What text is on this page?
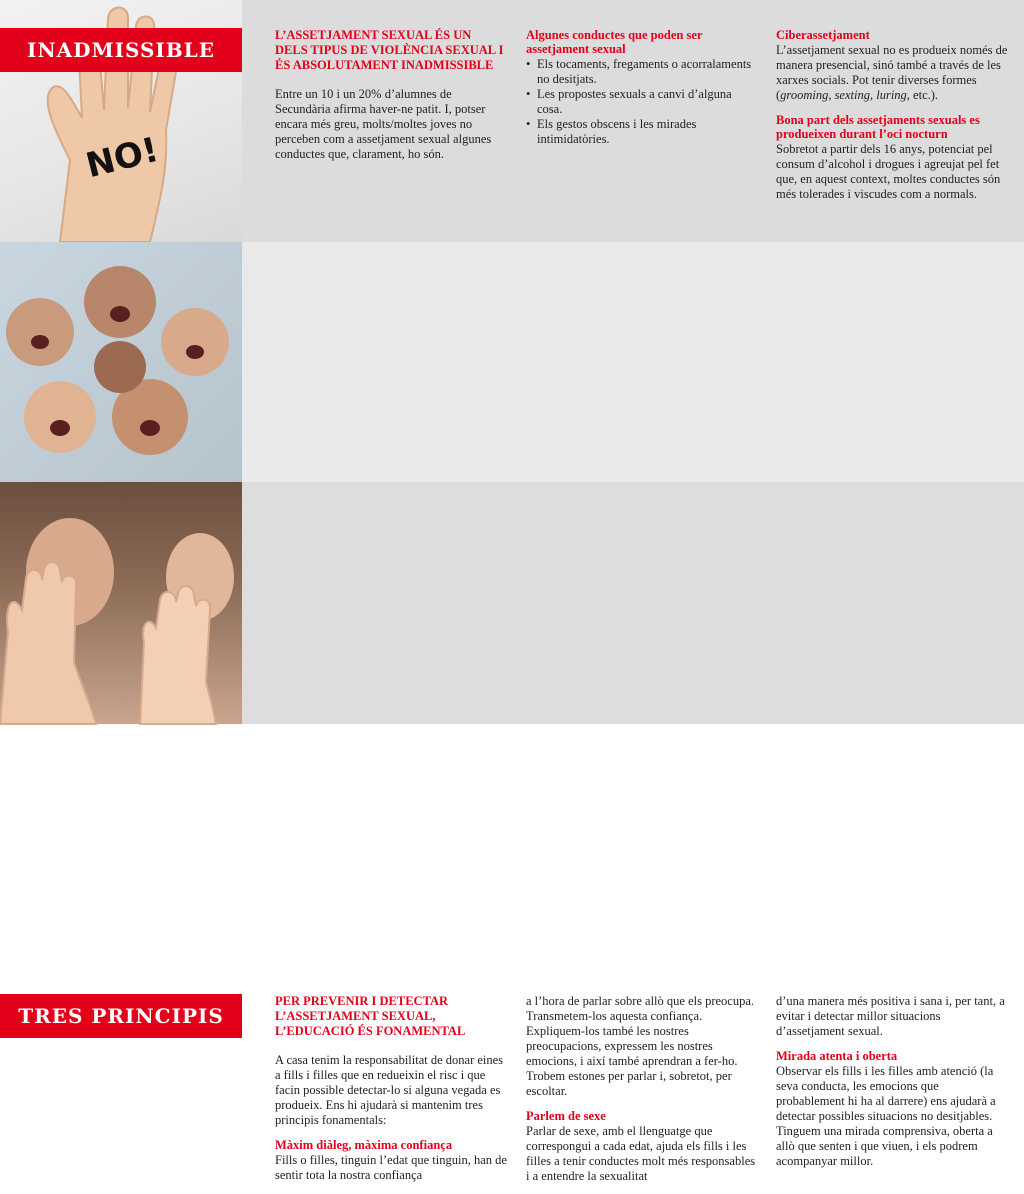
NO!
INADMISSIBLE
L’ASSETJAMENT SEXUAL ÉS UN DELS TIPUS DE VIOLÈNCIA SEXUAL I ÉS ABSOLUTAMENT INADMISSIBLE

Entre un 10 i un 20% d’alumnes de Secundària afirma haver-ne patit. I, potser encara més greu, molts/moltes joves no perceben com a assetjament sexual algunes conductes que, clarament, ho són.

Algunes conductes que poden ser assetjament sexual
• Els tocaments, fregaments o acorralaments no desitjats.
• Les propostes sexuals a canvi d’alguna cosa.
• Els gestos obscens i les mirades intimidatòries.
Ciberassetjament

L’assetjament sexual no es produeix només de manera presencial, sinó també a través de les xarxes socials. Pot tenir diverses formes (grooming, sexting, luring, etc.).

Bona part dels assetjaments sexuals es produeixen durant l’oci nocturn

Sobretot a partir dels 16 anys, potenciat pel consum d’alcohol i drogues i agreujat pel fet que, en aquest context, moltes conductes són més tolerades i viscudes com a normals.

TRES PRINCIPIS
PER PREVENIR I DETECTAR L’ASSETJAMENT SEXUAL, L’EDUCACIÓ ÉS FONAMENTAL

A casa tenim la responsabilitat de donar eines a fills i filles que en redueixin el risc i que facin possible detectar-lo si alguna vegada es produeix. Ens hi ajudarà si mantenim tres principis fonamentals:

Màxim diàleg, màxima confiança

Fills o filles, tinguin l’edat que tinguin, han de sentir tota la nostra confiança

a l’hora de parlar sobre allò que els preocupa. Transmetem-los aquesta confiança. Expliquem-los també les nostres preocupacions, expressem les nostres emocions, i així també aprendran a fer-ho. Trobem estones per parlar i, sobretot, per escoltar.

Parlem de sexe

Parlar de sexe, amb el llenguatge que correspongui a cada edat, ajuda els fills i les filles a tenir conductes molt més responsables i a entendre la sexualitat

d’una manera més positiva i sana i, per tant, a evitar i detectar millor situacions d’assetjament sexual.

Mirada atenta i oberta

Observar els fills i les filles amb atenció (la seva conducta, les emocions que probablement hi ha al darrere) ens ajudarà a detectar possibles situacions no desitjables. Tinguem una mirada comprensiva, oberta a allò que senten i que viuen, i els podrem acompanyar millor.
